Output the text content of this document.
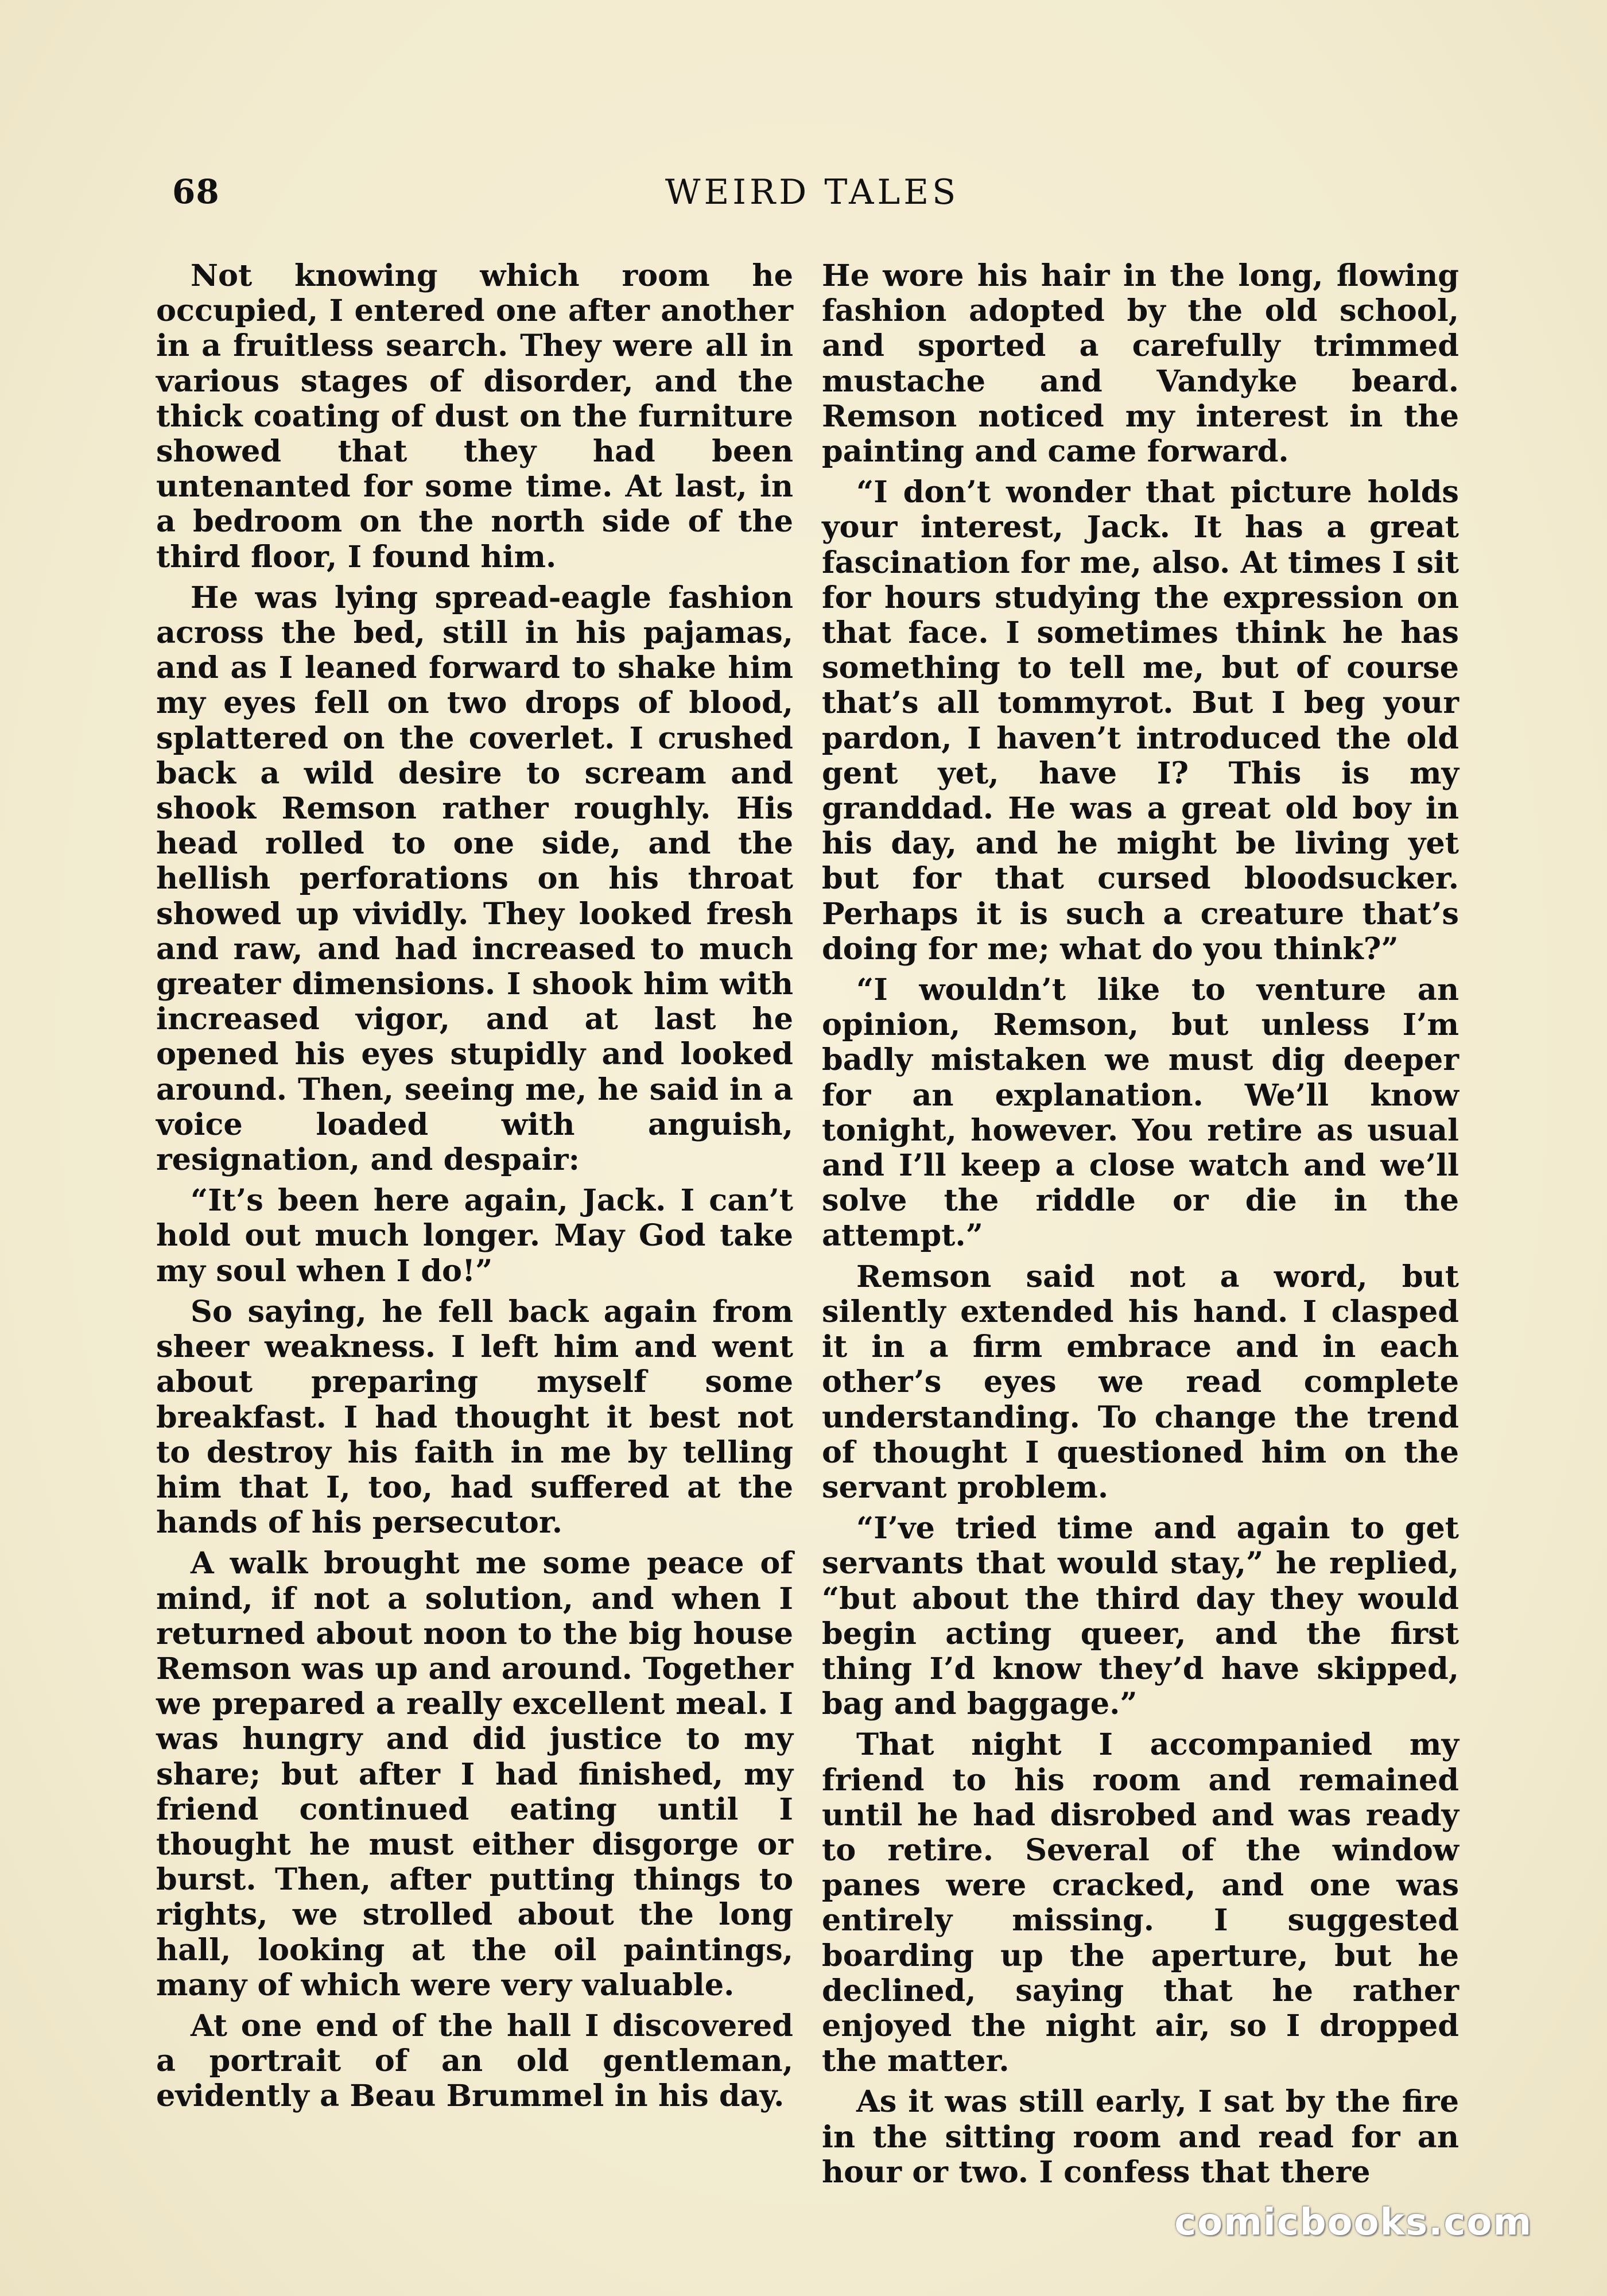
68	WEIRD TALES

Not knowing which room he occupied, I entered one after another in a fruitless search. They were all in various stages of disorder, and the thick coating of dust on the furniture showed that they had been untenanted for some time. At last, in a bedroom on the north side of the third floor, I found him.

He was lying spread-eagle fashion across the bed, still in his pajamas, and as I leaned forward to shake him my eyes fell on two drops of blood, splattered on the coverlet. I crushed back a wild desire to scream and shook Remson rather roughly. His head rolled to one side, and the hellish perforations on his throat showed up vividly. They looked fresh and raw, and had increased to much greater dimensions. I shook him with increased vigor, and at last he opened his eyes stupidly and looked around. Then, seeing me, he said in a voice loaded with anguish, resignation, and despair:

“It’s been here again, Jack. I can’t hold out much longer. May God take my soul when I do!”

So saying, he fell back again from sheer weakness. I left him and went about preparing myself some breakfast. I had thought it best not to destroy his faith in me by telling him that I, too, had suffered at the hands of his persecutor.

A walk brought me some peace of mind, if not a solution, and when I returned about noon to the big house Remson was up and around. Together we prepared a really excellent meal. I was hungry and did justice to my share; but after I had finished, my friend continued eating until I thought he must either disgorge or burst. Then, after putting things to rights, we strolled about the long hall, looking at the oil paintings, many of which were very valuable.

At one end of the hall I discovered a portrait of an old gentleman, evidently a Beau Brummel in his day.

He wore his hair in the long, flowing fashion adopted by the old school, and sported a carefully trimmed mustache and Vandyke beard. Remson noticed my interest in the painting and came forward.

“I don’t wonder that picture holds your interest, Jack. It has a great fascination for me, also. At times I sit for hours studying the expression on that face. I sometimes think he has something to tell me, but of course that’s all tommyrot. But I beg your pardon, I haven’t introduced the old gent yet, have I? This is my granddad. He was a great old boy in his day, and he might be living yet but for that cursed bloodsucker. Perhaps it is such a creature that’s doing for me; what do you think?”

“I wouldn’t like to venture an opinion, Remson, but unless I’m badly mistaken we must dig deeper for an explanation. We’ll know tonight, however. You retire as usual and I’ll keep a close watch and we’ll solve the riddle or die in the attempt.”

Remson said not a word, but silently extended his hand. I clasped it in a firm embrace and in each other’s eyes we read complete understanding. To change the trend of thought I questioned him on the servant problem.

“I’ve tried time and again to get servants that would stay,” he replied, “but about the third day they would begin acting queer, and the first thing I’d know they’d have skipped, bag and baggage.”

That night I accompanied my friend to his room and remained until he had disrobed and was ready to retire. Several of the window panes were cracked, and one was entirely missing. I suggested boarding up the aperture, but he declined, saying that he rather enjoyed the night air, so I dropped the matter.

As it was still early, I sat by the fire in the sitting room and read for an hour or two. I confess that there

comicbooks.com
